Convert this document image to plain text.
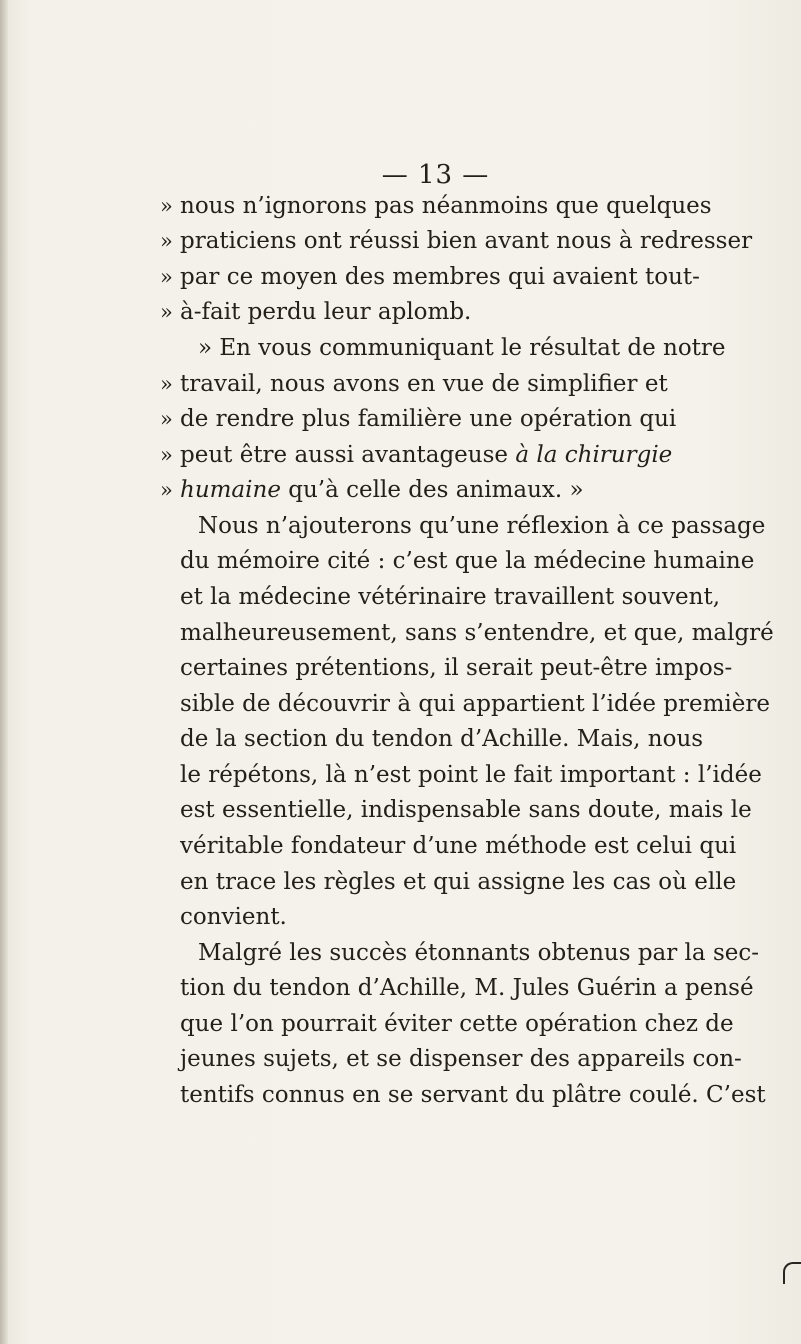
— 13 —
» nous n’ignorons pas néanmoins que quelques
» praticiens ont réussi bien avant nous à redresser
» par ce moyen des membres qui avaient tout-
» à-fait perdu leur aplomb.
» En vous communiquant le résultat de notre
» travail, nous avons en vue de simplifier et
» de rendre plus familière une opération qui
» peut être aussi avantageuse à la chirurgie
» humaine qu’à celle des animaux. »
Nous n’ajouterons qu’une réflexion à ce passage
du mémoire cité : c’est que la médecine humaine
et la médecine vétérinaire travaillent souvent,
malheureusement, sans s’entendre, et que, malgré
certaines prétentions, il serait peut-être impos-
sible de découvrir à qui appartient l’idée première
de la section du tendon d’Achille. Mais, nous
le répétons, là n’est point le fait important : l’idée
est essentielle, indispensable sans doute, mais le
véritable fondateur d’une méthode est celui qui
en trace les règles et qui assigne les cas où elle
convient.
Malgré les succès étonnants obtenus par la sec-
tion du tendon d’Achille, M. Jules Guérin a pensé
que l’on pourrait éviter cette opération chez de
jeunes sujets, et se dispenser des appareils con-
tentifs connus en se servant du plâtre coulé. C’est
